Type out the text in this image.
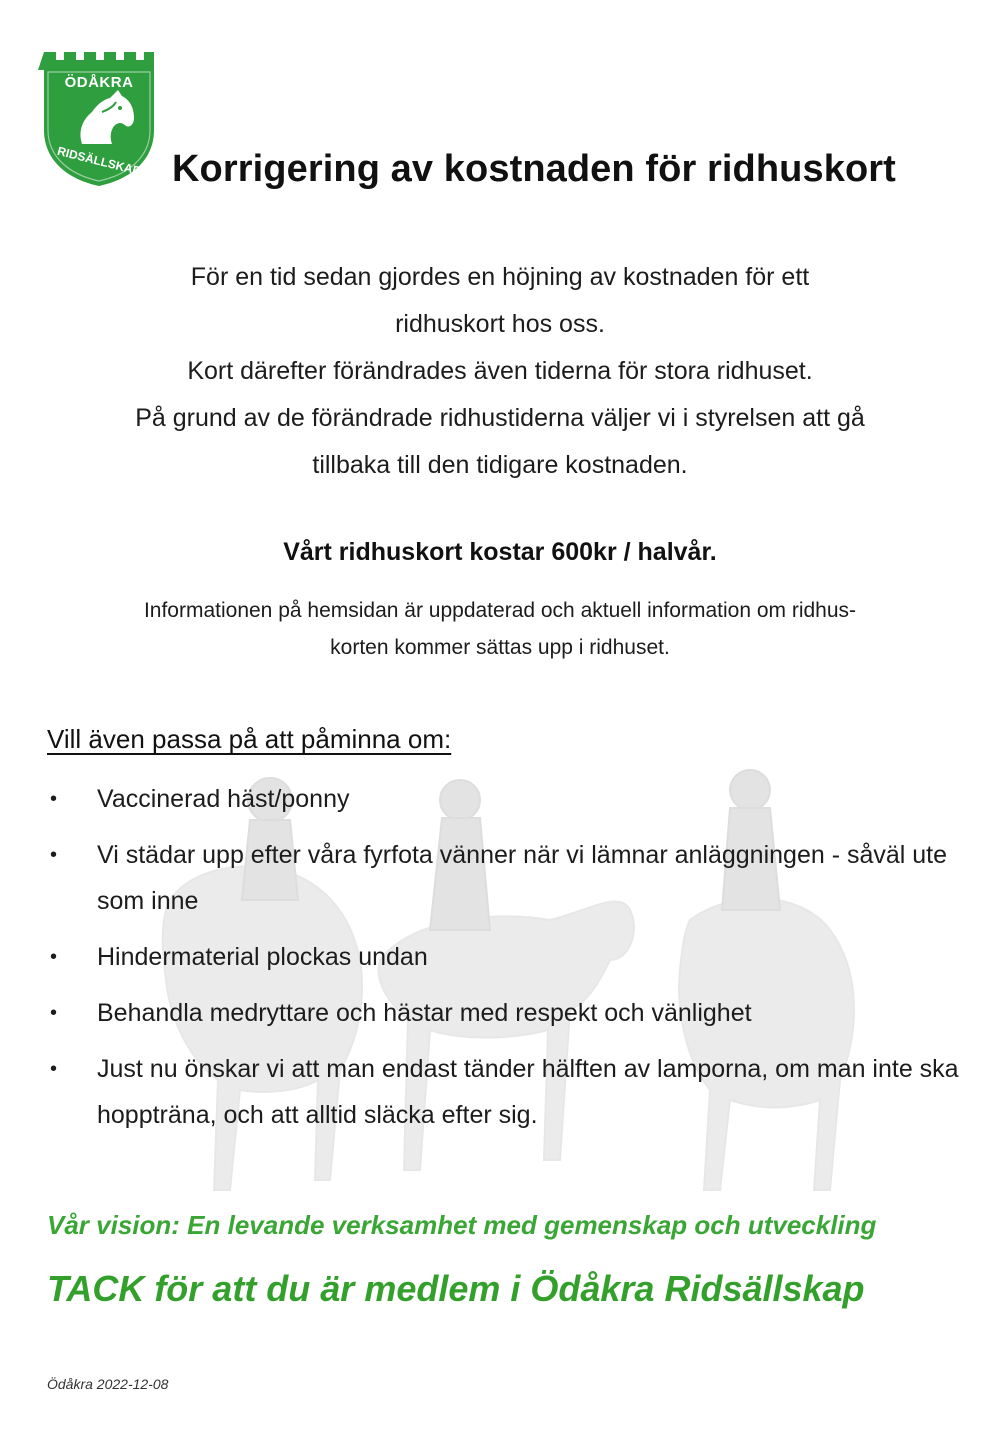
ÖDÅKRA
RIDSÄLLSKAP Korrigering av kostnaden för ridhuskort

För en tid sedan gjordes en höjning av kostnaden för ett

ridhuskort hos oss.

Kort därefter förändrades även tiderna för stora ridhuset.

På grund av de förändrade ridhustiderna väljer vi i styrelsen att gå

tillbaka till den tidigare kostnaden.

Vårt ridhuskort kostar 600kr / halvår.

Informationen på hemsidan är uppdaterad och aktuell information om ridhus-

korten kommer sättas upp i ridhuset.

Vill även passa på att påminna om:
• Vaccinerad häst/ponny
• Vi städar upp efter våra fyrfota vänner när vi lämnar anläggningen - såväl ute som inne
• Hindermaterial plockas undan
• Behandla medryttare och hästar med respekt och vänlighet
• Just nu önskar vi att man endast tänder hälften av lamporna, om man inte ska hoppträna, och att alltid släcka efter sig.
Vår vision: En levande verksamhet med gemenskap och utveckling
TACK för att du är medlem i Ödåkra Ridsällskap
Ödåkra 2022-12-08
